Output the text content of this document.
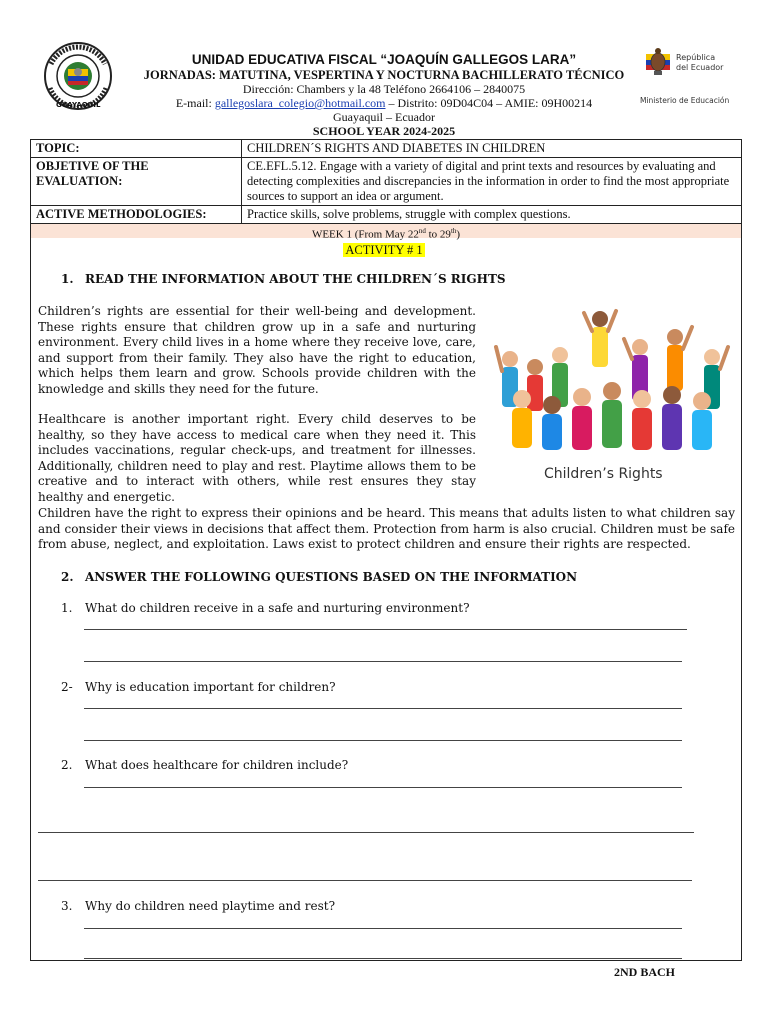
GUAYAQUIL
UNIDAD EDUCATIVA FISCAL “JOAQUÍN GALLEGOS LARA”
JORNADAS: MATUTINA, VESPERTINA Y NOCTURNA BACHILLERATO TÉCNICO
Dirección: Chambers y la 48 Teléfono 2664106 – 2840075
E-mail: gallegoslara_colegio@hotmail.com – Distrito: 09D04C04 – AMIE: 09H00214
Guayaquil – Ecuador
SCHOOL YEAR 2024-2025
República
del Ecuador
Ministerio de Educación
TOPIC:	CHILDREN´S RIGHTS AND DIABETES IN CHILDREN
OBJETIVE OF THE EVALUATION:	CE.EFL.5.12. Engage with a variety of digital and print texts and resources by evaluating and detecting complexities and discrepancies in the information in order to find the most appropriate sources to support an idea or argument.
ACTIVE METHODOLOGIES:	Practice skills, solve problems, struggle with complex questions.
WEEK 1 (From May 22nd to 29th)
ACTIVITY # 1
1. READ THE INFORMATION ABOUT THE CHILDREN´S RIGHTS
Children’s rights are essential for their well-being and development. These rights ensure that children grow up in a safe and nurturing environment. Every child lives in a home where they receive love, care, and support from their family. They also have the right to education, which helps them learn and grow. Schools provide children with the knowledge and skills they need for the future.
Healthcare is another important right. Every child deserves to be healthy, so they have access to medical care when they need it. This includes vaccinations, regular check-ups, and treatment for illnesses. Additionally, children need to play and rest. Playtime allows them to be creative and to interact with others, while rest ensures they stay healthy and energetic.
Children have the right to express their opinions and be heard. This means that adults listen to what children say and consider their views in decisions that affect them. Protection from harm is also crucial. Children must be safe from abuse, neglect, and exploitation. Laws exist to protect children and ensure their rights are respected.
Children’s Rights
2. ANSWER THE FOLLOWING QUESTIONS BASED ON THE INFORMATION
1. What do children receive in a safe and nurturing environment?
2- Why is education important for children?
2. What does healthcare for children include?
3. Why do children need playtime and rest?
2ND BACH
